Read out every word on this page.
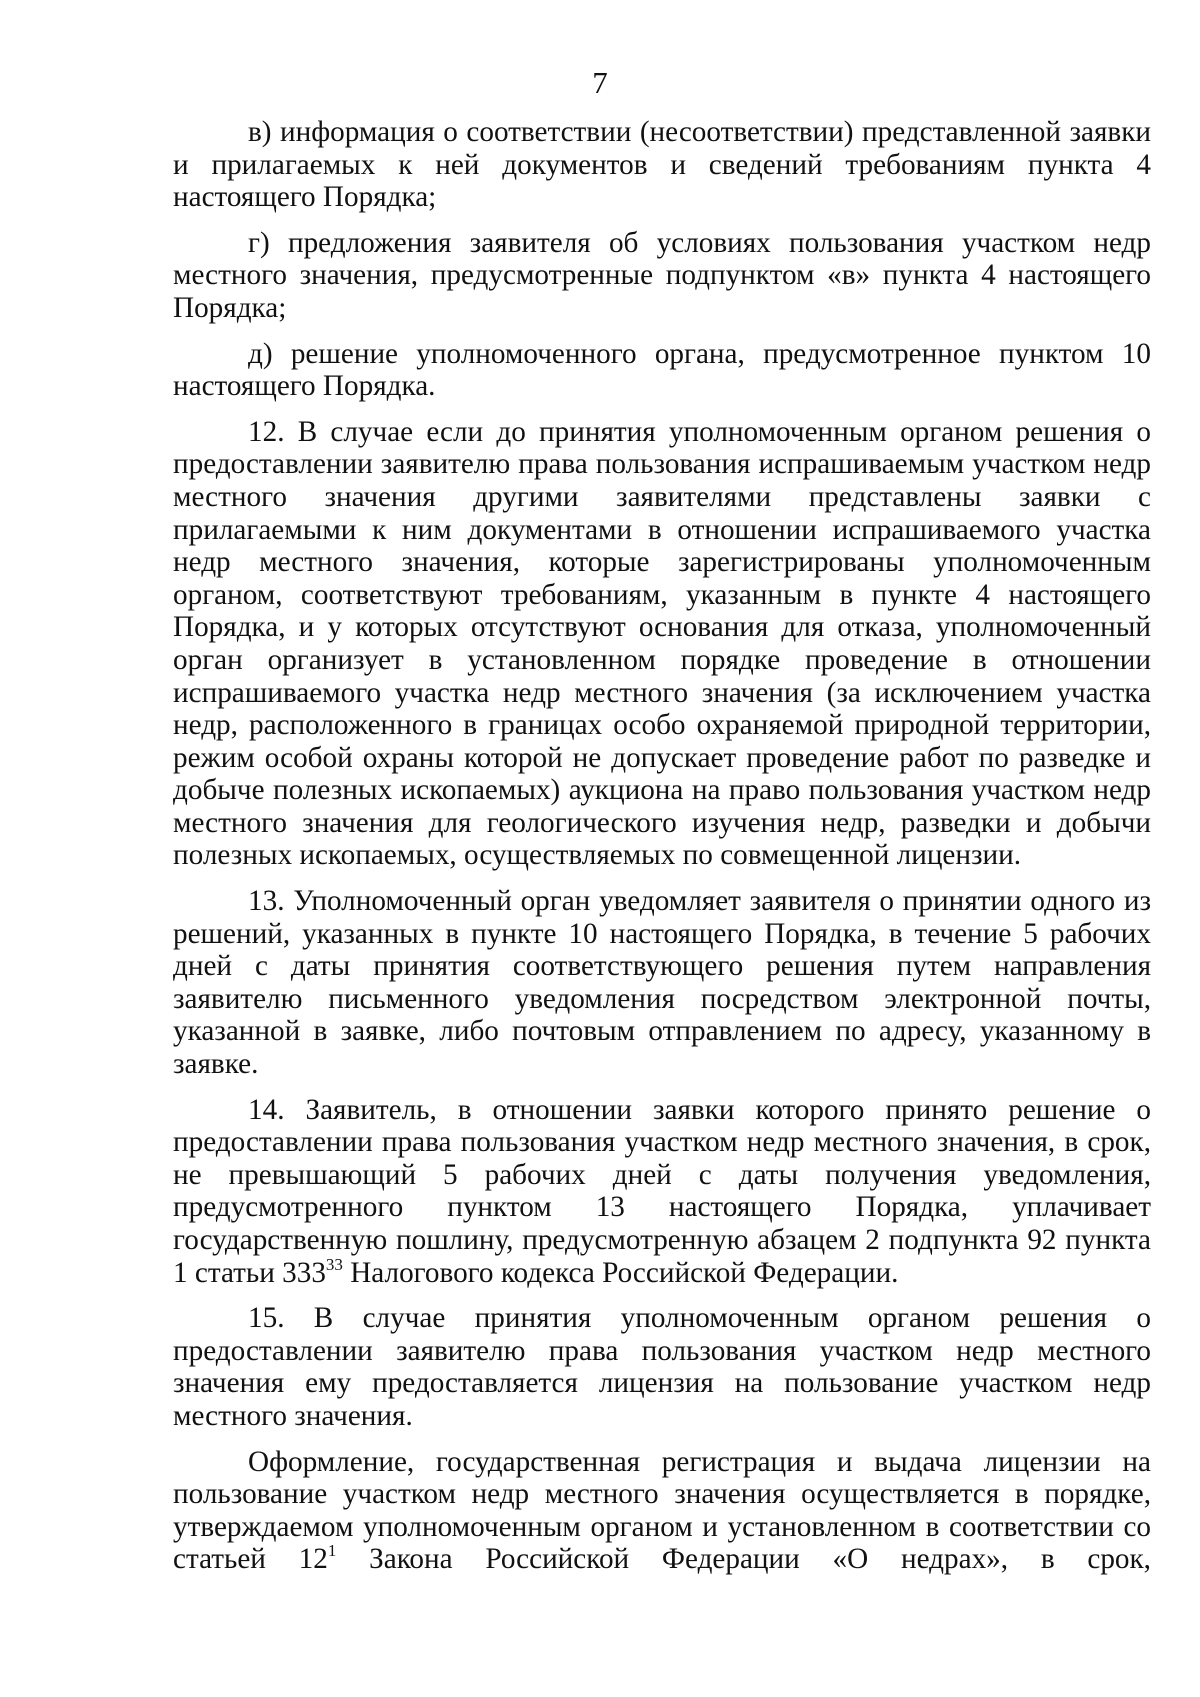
7

в) информация о соответствии (несоответствии) представленной заявки и прилагаемых к ней документов и сведений требованиям пункта 4 настоящего Порядка;

г) предложения заявителя об условиях пользования участком недр местного значения, предусмотренные подпунктом «в» пункта 4 настоящего Порядка;

д) решение уполномоченного органа, предусмотренное пунктом 10 настоящего Порядка.

12. В случае если до принятия уполномоченным органом решения о предоставлении заявителю права пользования испрашиваемым участком недр местного значения другими заявителями представлены заявки с прилагаемыми к ним документами в отношении испрашиваемого участка недр местного значения, которые зарегистрированы уполномоченным органом, соответствуют требованиям, указанным в пункте 4 настоящего Порядка, и у которых отсутствуют основания для отказа, уполномоченный орган организует в установленном порядке проведение в отношении испрашиваемого участка недр местного значения (за исключением участка недр, расположенного в границах особо охраняемой природной территории, режим особой охраны которой не допускает проведение работ по разведке и добыче полезных ископаемых) аукциона на право пользования участком недр местного значения для геологического изучения недр, разведки и добычи полезных ископаемых, осуществляемых по совмещенной лицензии.

13. Уполномоченный орган уведомляет заявителя о принятии одного из решений, указанных в пункте 10 настоящего Порядка, в течение 5 рабочих дней с даты принятия соответствующего решения путем направления заявителю письменного уведомления посредством электронной почты, указанной в заявке, либо почтовым отправлением по адресу, указанному в заявке.

14. Заявитель, в отношении заявки которого принято решение о предоставлении права пользования участком недр местного значения, в срок, не превышающий 5 рабочих дней с даты получения уведомления, предусмотренного пунктом 13 настоящего Порядка, уплачивает государственную пошлину, предусмотренную абзацем 2 подпункта 92 пункта 1 статьи $333^{33}$ Налогового кодекса Российской Федерации.

15. В случае принятия уполномоченным органом решения о предоставлении заявителю права пользования участком недр местного значения ему предоставляется лицензия на пользование участком недр местного значения.

Оформление, государственная регистрация и выдача лицензии на пользование участком недр местного значения осуществляется в порядке, утверждаемом уполномоченным органом и установленном в соответствии со статьей $12^1$ Закона Российской Федерации «О недрах», в срок,
